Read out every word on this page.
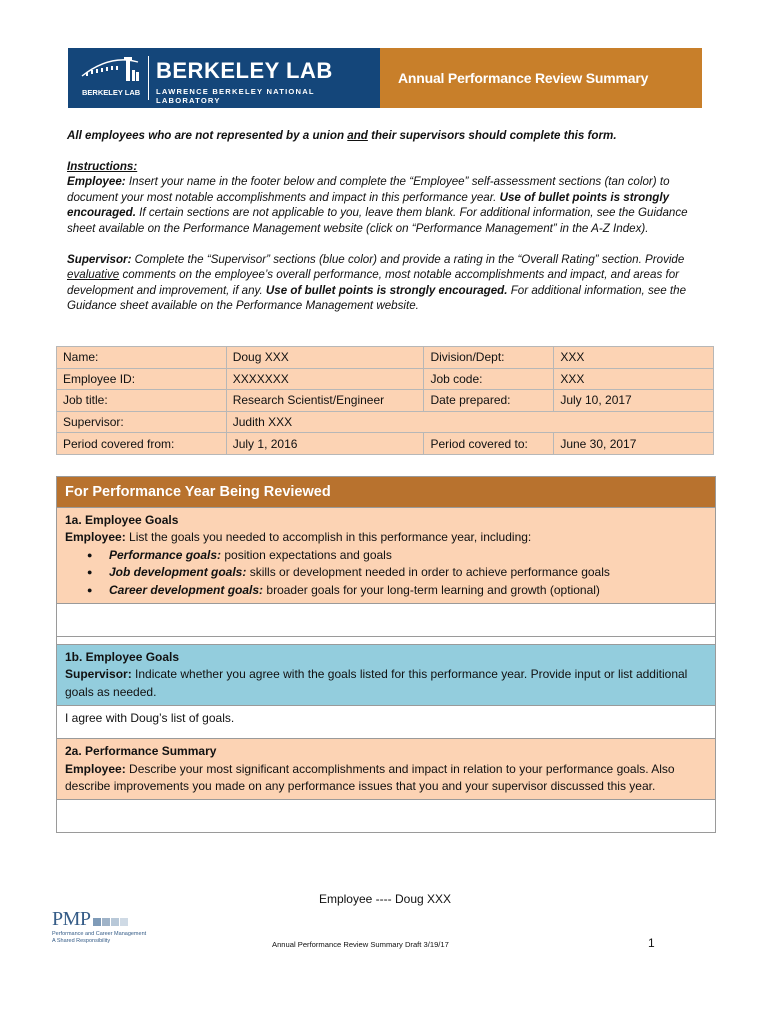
BERKELEY LAB
BERKELEY LAB
LAWRENCE BERKELEY NATIONAL LABORATORY
Annual Performance Review Summary

All employees who are not represented by a union and their supervisors should complete this form.

Instructions:

Employee: Insert your name in the footer below and complete the “Employee” self-assessment sections (tan color) to document your most notable accomplishments and impact in this performance year. Use of bullet points is strongly encouraged. If certain sections are not applicable to you, leave them blank. For additional information, see the Guidance sheet available on the Performance Management website (click on “Performance Management” in the A-Z Index).

Supervisor: Complete the “Supervisor” sections (blue color) and provide a rating in the “Overall Rating” section. Provide evaluative comments on the employee’s overall performance, most notable accomplishments and impact, and areas for development and improvement, if any. Use of bullet points is strongly encouraged. For additional information, see the Guidance sheet available on the Performance Management website.

Name:	Doug XXX	Division/Dept:	XXX
Employee ID:	XXXXXXX	Job code:	XXX
Job title:	Research Scientist/Engineer	Date prepared:	July 10, 2017
Supervisor:	Judith XXX		
Period covered from:	July 1, 2016	Period covered to:	June 30, 2017
For Performance Year Being Reviewed
1a. Employee Goals
Employee: List the goals you needed to accomplish in this performance year, including:
● Performance goals: position expectations and goals
● Job development goals: skills or development needed in order to achieve performance goals
● Career development goals: broader goals for your long-term learning and growth (optional)
1b. Employee Goals
Supervisor: Indicate whether you agree with the goals listed for this performance year. Provide input or list additional goals as needed.
I agree with Doug’s list of goals.
2a. Performance Summary
Employee: Describe your most significant accomplishments and impact in relation to your performance goals. Also describe improvements you made on any performance issues that you and your supervisor discussed this year.
Employee ---- Doug XXX
PMP
Performance and Career Management
A Shared Responsibility	Annual Performance Review Summary Draft 3/19/17	1
